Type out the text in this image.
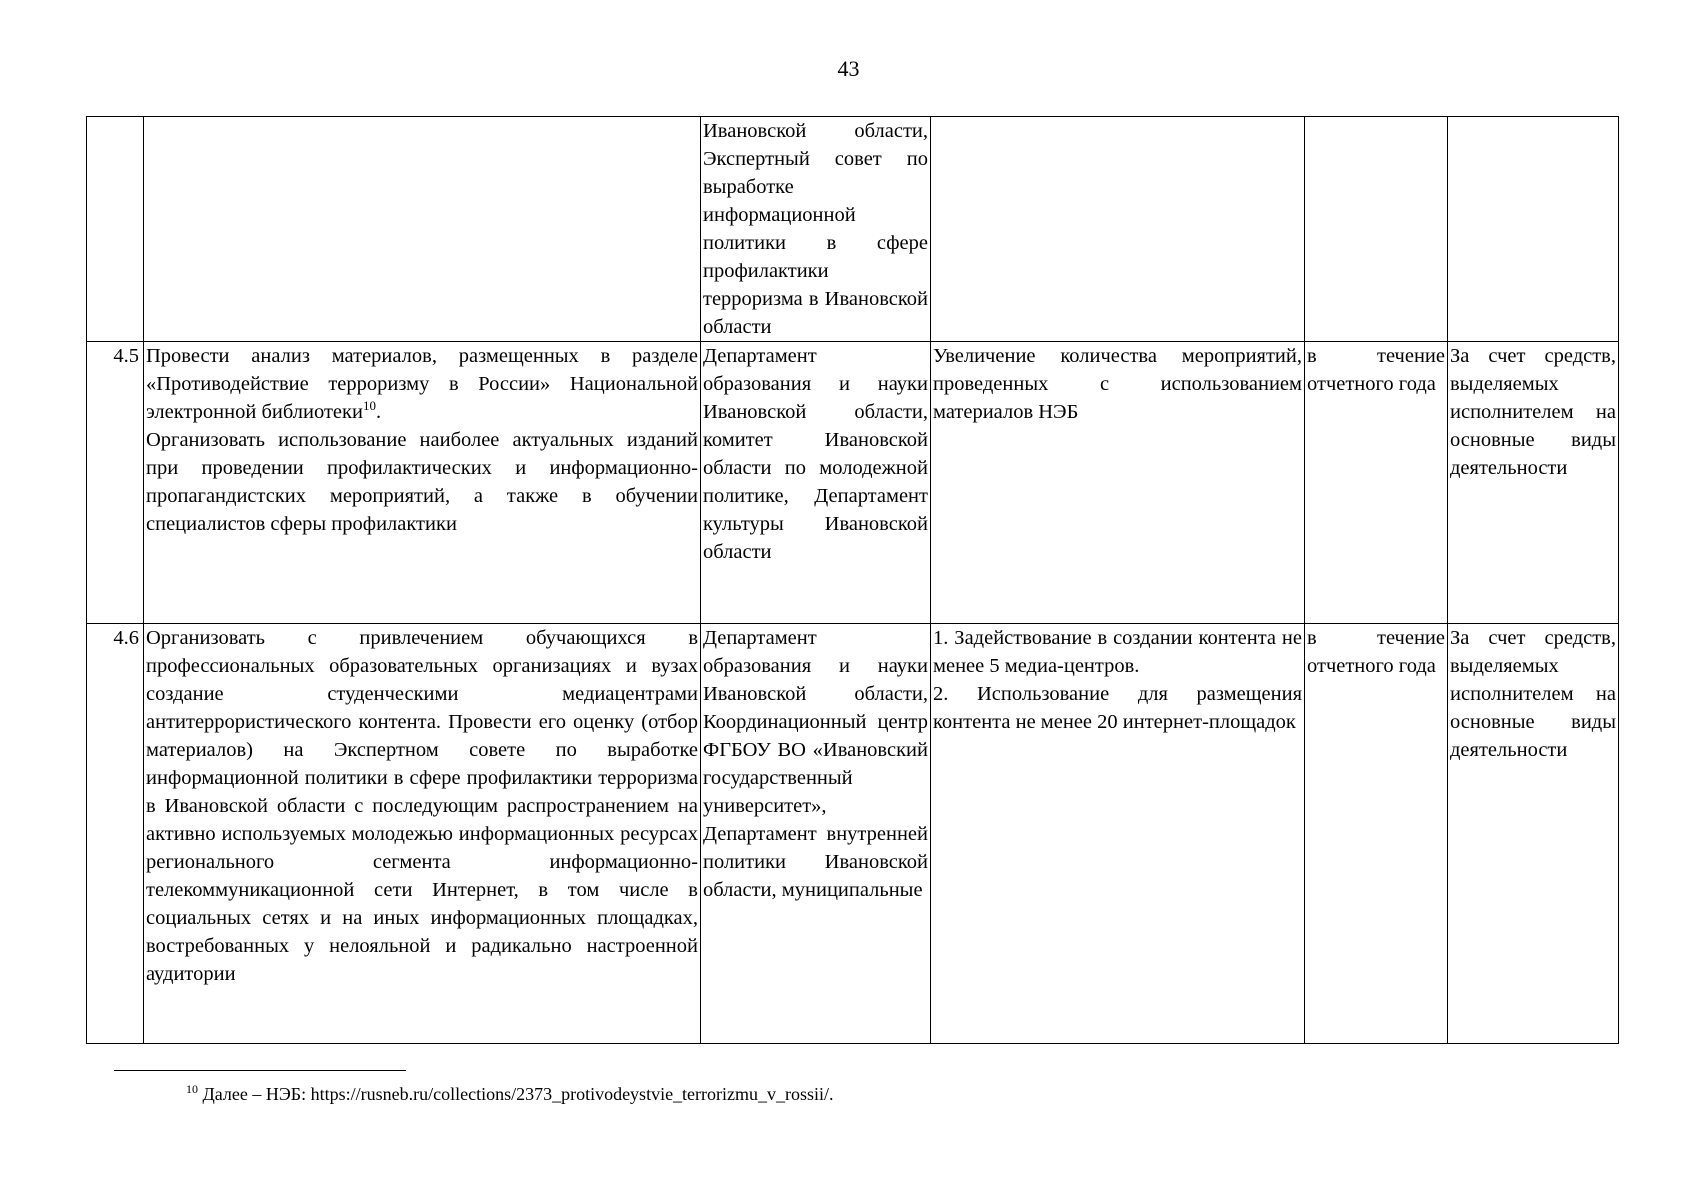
43
		Ивановской области, Экспертный совет по выработке информационной политики в сфере профилактики терроризма в Ивановской области			
4.5	Провести анализ материалов, размещенных в разделе «Противодействие терроризму в России» Национальной электронной библиотеки$^{10}$.
Организовать использование наиболее актуальных изданий при проведении профилактических и информационно-пропагандистских мероприятий, а также в обучении специалистов сферы профилактики	Департамент образования и науки Ивановской области, комитет Ивановской области по молодежной политике, Департамент культуры Ивановской области	Увеличение количества мероприятий, проведенных с использованием материалов НЭБ	в течение отчетного года	За счет средств, выделяемых исполнителем на основные виды деятельности
4.6	Организовать с привлечением обучающихся в профессиональных образовательных организациях и вузах создание студенческими медиацентрами антитеррористического контента. Провести его оценку (отбор материалов) на Экспертном совете по выработке информационной политики в сфере профилактики терроризма в Ивановской области с последующим распространением на активно используемых молодежью информационных ресурсах регионального сегмента информационно-телекоммуникационной сети Интернет, в том числе в социальных сетях и на иных информационных площадках, востребованных у нелояльной и радикально настроенной аудитории	Департамент образования и науки Ивановской области, Координационный центр ФГБОУ ВО «Ивановский государственный университет», Департамент внутренней политики Ивановской области, муниципальные	1. Задействование в создании контента не менее 5 медиа-центров.
2. Использование для размещения контента не менее 20 интернет-площадок	в течение отчетного года	За счет средств, выделяемых исполнителем на основные виды деятельности
$^{10}$ Далее – НЭБ: https://rusneb.ru/collections/2373_protivodeystvie_terrorizmu_v_rossii/.
